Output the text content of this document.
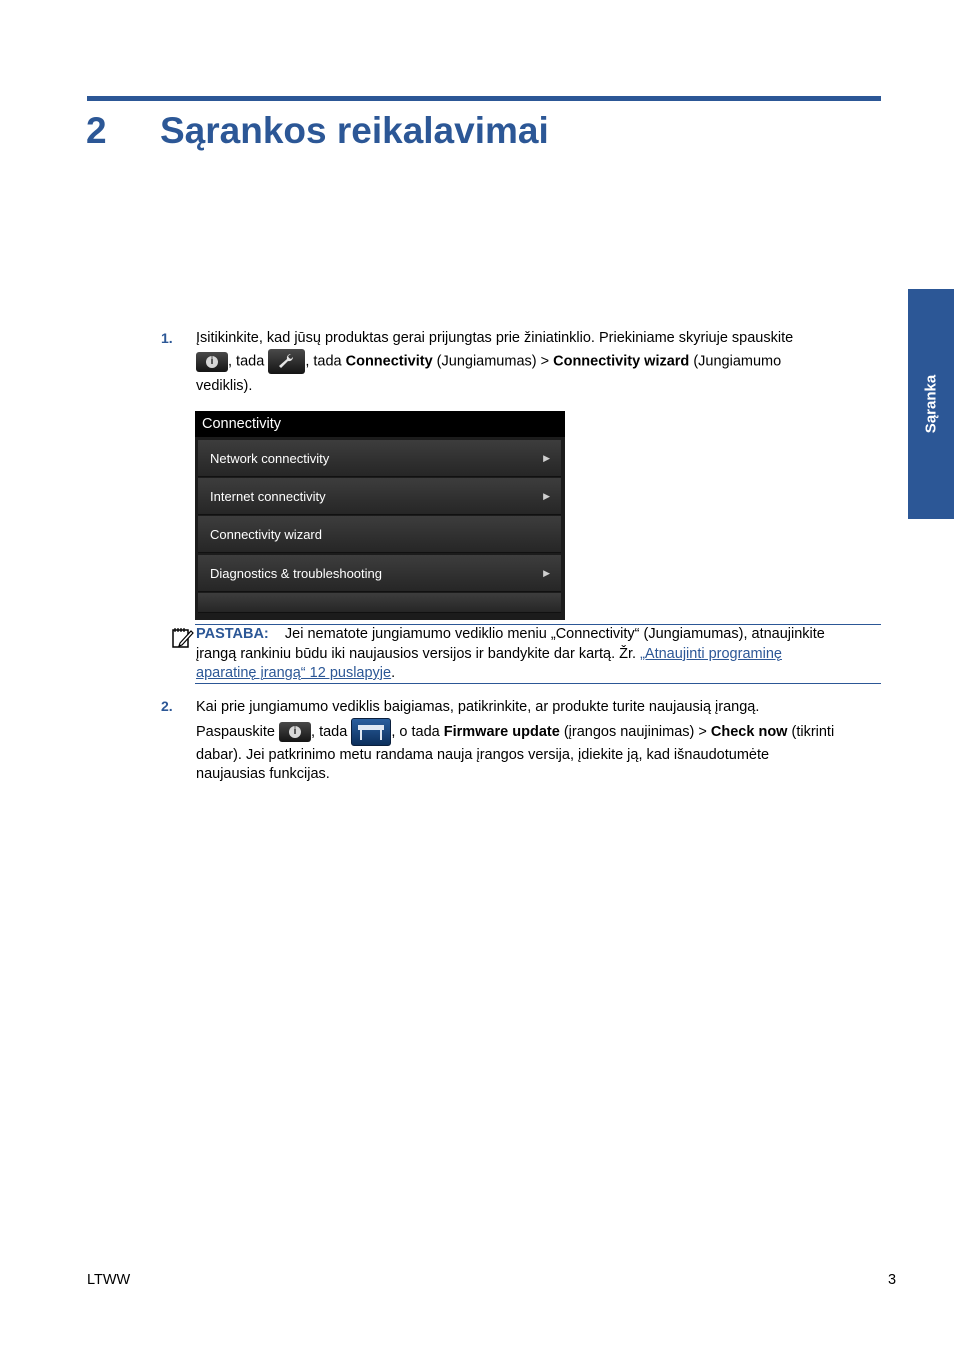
2 Sąrankos reikalavimai
Sąranka
1. Įsitikinkite, kad jūsų produktas gerai prijungtas prie žiniatinklio. Priekiniame skyriuje spauskite
i	, tada	, tada Connectivity (Jungiamumas) > Connectivity wizard (Jungiamumo
vediklis).
Connectivity
Network connectivity	▶
Internet connectivity	▶
Connectivity wizard
Diagnostics & troubleshooting	▶
PASTABA: Jei nematote jungiamumo vediklio meniu „Connectivity“ (Jungiamumas), atnaujinkite
įrangą rankiniu būdu iki naujausios versijos ir bandykite dar kartą. Žr. „Atnaujinti programinę
aparatinę įrangą“ 12 puslapyje.
2. Kai prie jungiamumo vediklis baigiamas, patikrinkite, ar produkte turite naujausią įrangą.
Paspauskite	i	, tada	, o tada Firmware update (įrangos naujinimas) > Check now (tikrinti
dabar). Jei patkrinimo metu randama nauja įrangos versija, įdiekite ją, kad išnaudotumėte
naujausias funkcijas.
LTWW	3
